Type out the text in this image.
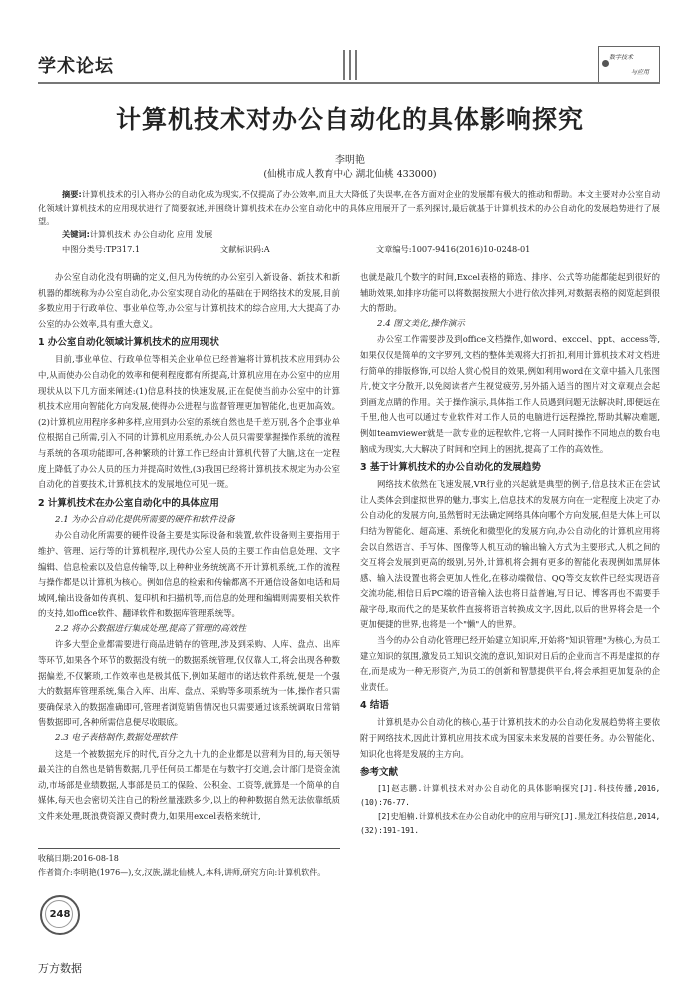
学术论坛	数字技术
与应用
计算机技术对办公自动化的具体影响探究
李明艳
(仙桃市成人教育中心 湖北仙桃 433000)
摘要:计算机技术的引入将办公的自动化成为现实,不仅提高了办公效率,而且大大降低了失误率,在各方面对企业的发展都有极大的推动和帮助。本文主要对办公室自动化领域计算机技术的应用现状进行了简要叙述,并围绕计算机技术在办公室自动化中的具体应用展开了一系列探讨,最后就基于计算机技术的办公自动化的发展趋势进行了展望。
关键词:计算机技术 办公自动化 应用 发展
中图分类号:TP317.1	文献标识码:A	文章编号:1007-9416(2016)10-0248-01

办公室自动化没有明确的定义,但凡为传统的办公室引入新设备、新技术和新机器的都统称为办公室自动化,办公室实现自动化的基础在于网络技术的发展,目前多数应用于行政单位、事业单位等,办公室与计算机技术的综合应用,大大提高了办公室的办公效率,具有重大意义。

1 办公室自动化领域计算机技术的应用现状

目前,事业单位、行政单位等相关企业单位已经普遍将计算机技术应用到办公中,从而使办公自动化的效率和便利程度都有所提高,计算机应用在办公室中的应用现状从以下几方面来阐述:(1)信息科技的快速发展,正在促使当前办公室中的计算机技术应用向智能化方向发展,使得办公进程与监督管理更加智能化,也更加高效。(2)计算机应用程序多种多样,应用到办公室的系统自然也是千差万别,各个企事业单位根据自己所需,引入不同的计算机应用系统,办公人员只需要掌握操作系统的流程与系统的各项功能即可,各种繁琐的计算工作已经由计算机代替了大脑,这在一定程度上降低了办公人员的压力并提高时效性,(3)我国已经将计算机技术规定为办公室自动化的首要技术,计算机技术的发展地位可见一斑。

2 计算机技术在办公室自动化中的具体应用
2.1 为办公自动化提供所需要的硬件和软件设备

办公自动化所需要的硬件设备主要是实际设备和装置,软件设备则主要指用于维护、管理、运行等的计算机程序,现代办公室人员的主要工作由信息处理、文字编辑、信息检索以及信息传输等,以上种种业务统统离不开计算机系统,工作的流程与操作都是以计算机为核心。例如信息的检索和传输都离不开通信设备如电话和局域网,输出设备如传真机、复印机和扫描机等,而信息的处理和编辑则需要相关软件的支持,如office软件、翻译软件和数据库管理系统等。

2.2 将办公数据进行集成处理,提高了管理的高效性

许多大型企业都需要进行商品进销存的管理,涉及到采购、人库、盘点、出库等环节,如果各个环节的数据没有统一的数据系统管理,仅仅靠人工,将会出现各种数据偏差,不仅繁琐,工作效率也是极其低下,例如某超市的诺达软件系统,便是一个强大的数据库管理系统,集合入库、出库、盘点、采购等多项系统为一体,操作者只需要确保录入的数据准确即可,管理者浏览销售情况也只需要通过该系统调取日常销售数据即可,各种所需信息便尽收眼底。

2.3 电子表格制作,数据处理软件

这是一个被数据充斥的时代,百分之九十九的企业都是以营利为目的,每天领导最关注的自然也是销售数据,几乎任何员工都是在与数字打交道,会计部门是资金流动,市场部是业绩数据,人事部是员工的保险、公积金、工资等,就算是一个简单的自媒体,每天也会密切关注自己的粉丝量涨跌多少,以上的种种数据自然无法依靠纸质文件来处理,既浪费资源又费时费力,如果用excel表格来统计,

也就是敲几个数字的时间,Excel表格的筛选、排序、公式等功能都能起到很好的辅助效果,如排序功能可以将数据按照大小进行依次排列,对数据表格的阅览起到很大的帮助。

2.4 图文美化,操作演示

办公室工作需要涉及到office文档操作,如word、exccel、ppt、access等,如果仅仅是简单的文字罗列,文档的整体美观将大打折扣,利用计算机技术对文档进行简单的排版修饰,可以给人赏心悦目的效果,例如利用word在文章中插入几张图片,使文字分散开,以免阅读者产生视觉疲劳,另外插入适当的图片对文章观点会起到画龙点睛的作用。关于操作演示,具体指工作人员遇到问题无法解决时,即便远在千里,他人也可以通过专业软件对工作人员的电脑进行远程操控,帮助其解决难题,例如teamviewer就是一款专业的远程软件,它将一人同时操作不同地点的数台电脑成为现实,大大解决了时间和空间上的困扰,提高了工作的高效性。

3 基于计算机技术的办公自动化的发展趋势

网络技术依然在飞速发展,VR行业的兴起就是典型的例子,信息技术正在尝试让人类体会到虚拟世界的魅力,事实上,信息技术的发展方向在一定程度上决定了办公自动化的发展方向,虽然暂时无法确定网络具体向哪个方向发展,但是大体上可以归结为智能化、超高速、系统化和微型化的发展方向,办公自动化的计算机应用将会以自然语言、手写体、图像等人机互动的输出输入方式为主要形式,人机之间的交互将会发展到更高的级别,另外,计算机将会拥有更多的智能化表现例如黑屏体感、输入法设置也将会更加人性化,在移动端微信、QQ等交友软件已经实现语音交流功能,相信日后PC端的语音输入法也将日益普遍,写日记、博客再也不需要手敲字母,取而代之的是某软件直接将语言转换成文字,因此,以后的世界将会是一个更加便捷的世界,也将是一个"懒"人的世界。

当今的办公自动化管理已经开始建立知识库,开始将"知识管理"为核心,为员工建立知识的氛围,激发员工知识交流的意识,知识对日后的企业而言不再是虚拟的存在,而是成为一种无形资产,为员工的创新和智慧提供平台,将会承担更加复杂的企业责任。

4 结语

计算机是办公自动化的核心,基于计算机技术的办公自动化发展趋势将主要依附于网络技术,因此计算机应用技术成为国家未来发展的首要任务。办公智能化、知识化也将是发展的主方向。

参考文献

[1]赵志鹏.计算机技术对办公自动化的具体影响探究[J].科技传播,2016,(10):76-77.

[2]史旭楠.计算机技术在办公自动化中的应用与研究[J].黑龙江科技信息,2014,(32):191-191.

收稿日期:2016-08-18
作者简介:李明艳(1976—),女,汉族,湖北仙桃人,本科,讲师,研究方向:计算机软件。
248
万方数据
